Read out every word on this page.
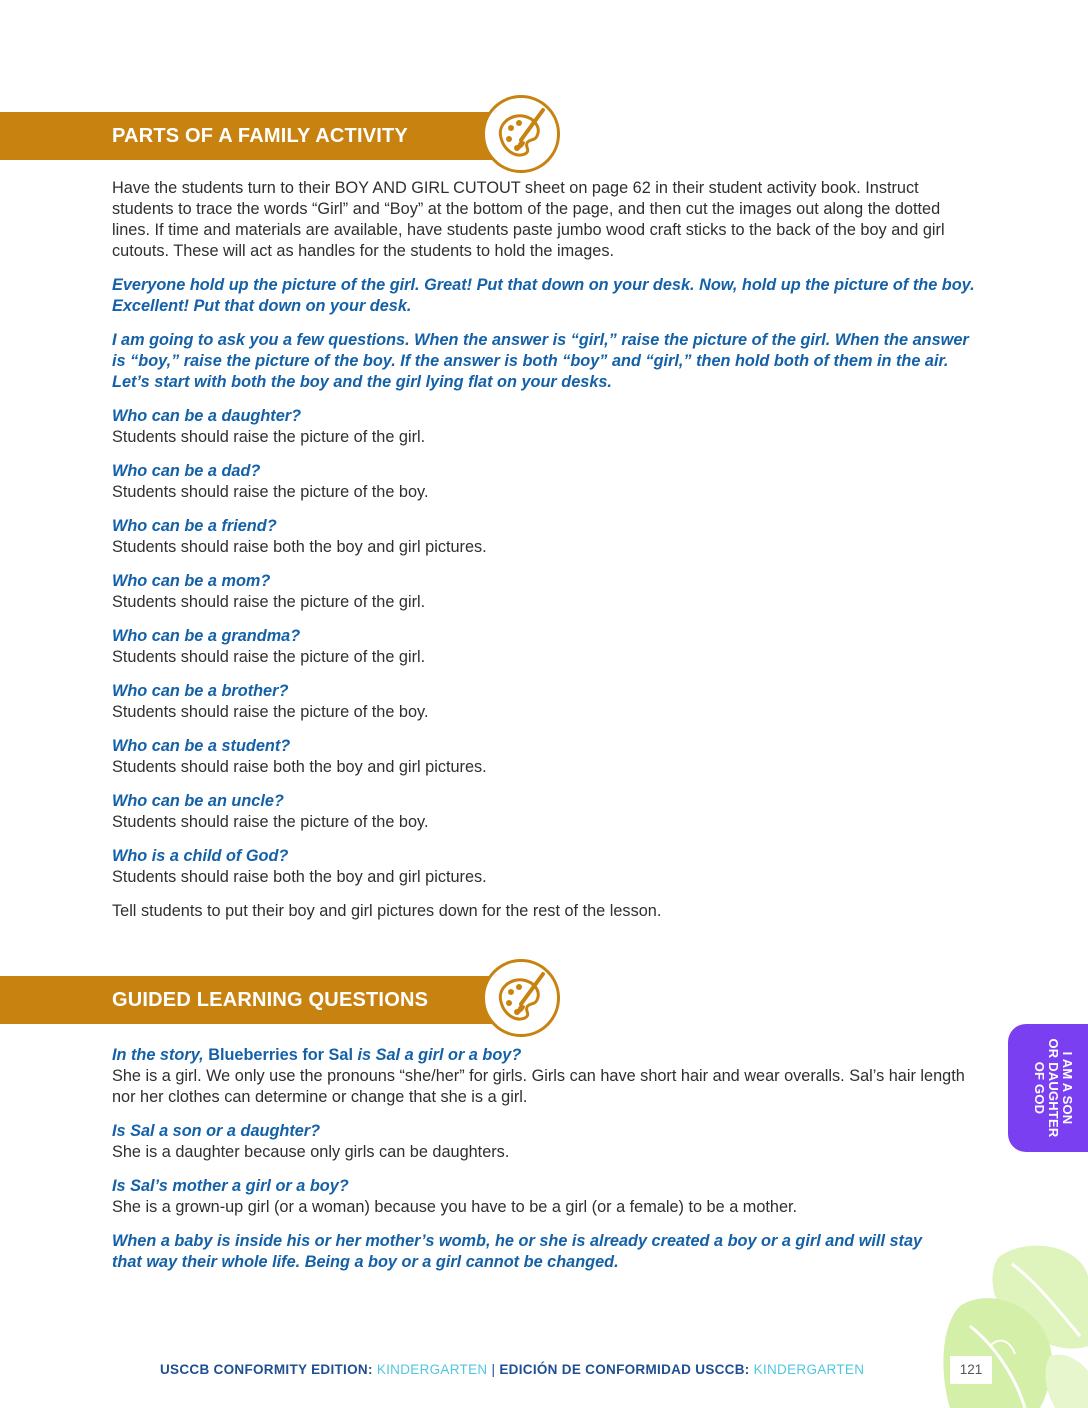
PARTS OF A FAMILY ACTIVITY

Have the students turn to their BOY AND GIRL CUTOUT sheet on page 62 in their student activity book. Instruct students to trace the words “Girl” and “Boy” at the bottom of the page, and then cut the images out along the dotted lines. If time and materials are available, have students paste jumbo wood craft sticks to the back of the boy and girl cutouts. These will act as handles for the students to hold the images.

Everyone hold up the picture of the girl. Great! Put that down on your desk. Now, hold up the picture of the boy. Excellent! Put that down on your desk.

I am going to ask you a few questions. When the answer is “girl,” raise the picture of the girl. When the answer is “boy,” raise the picture of the boy. If the answer is both “boy” and “girl,” then hold both of them in the air. Let’s start with both the boy and the girl lying flat on your desks.

Who can be a daughter?

Students should raise the picture of the girl.

Who can be a dad?

Students should raise the picture of the boy.

Who can be a friend?

Students should raise both the boy and girl pictures.

Who can be a mom?

Students should raise the picture of the girl.

Who can be a grandma?

Students should raise the picture of the girl.

Who can be a brother?

Students should raise the picture of the boy.

Who can be a student?

Students should raise both the boy and girl pictures.

Who can be an uncle?

Students should raise the picture of the boy.

Who is a child of God?

Students should raise both the boy and girl pictures.

Tell students to put their boy and girl pictures down for the rest of the lesson.

GUIDED LEARNING QUESTIONS

In the story, Blueberries for Sal is Sal a girl or a boy?

She is a girl. We only use the pronouns “she/her” for girls. Girls can have short hair and wear overalls. Sal’s hair length nor her clothes can determine or change that she is a girl.

Is Sal a son or a daughter?

She is a daughter because only girls can be daughters.

Is Sal’s mother a girl or a boy?

She is a grown-up girl (or a woman) because you have to be a girl (or a female) to be a mother.

When a baby is inside his or her mother’s womb, he or she is already created a boy or a girl and will stay that way their whole life. Being a boy or a girl cannot be changed.

I AM A SON
OR DAUGHTER
OF GOD
USCCB CONFORMITY EDITION: KINDERGARTEN | EDICIÓN DE CONFORMIDAD USCCB: KINDERGARTEN	121
